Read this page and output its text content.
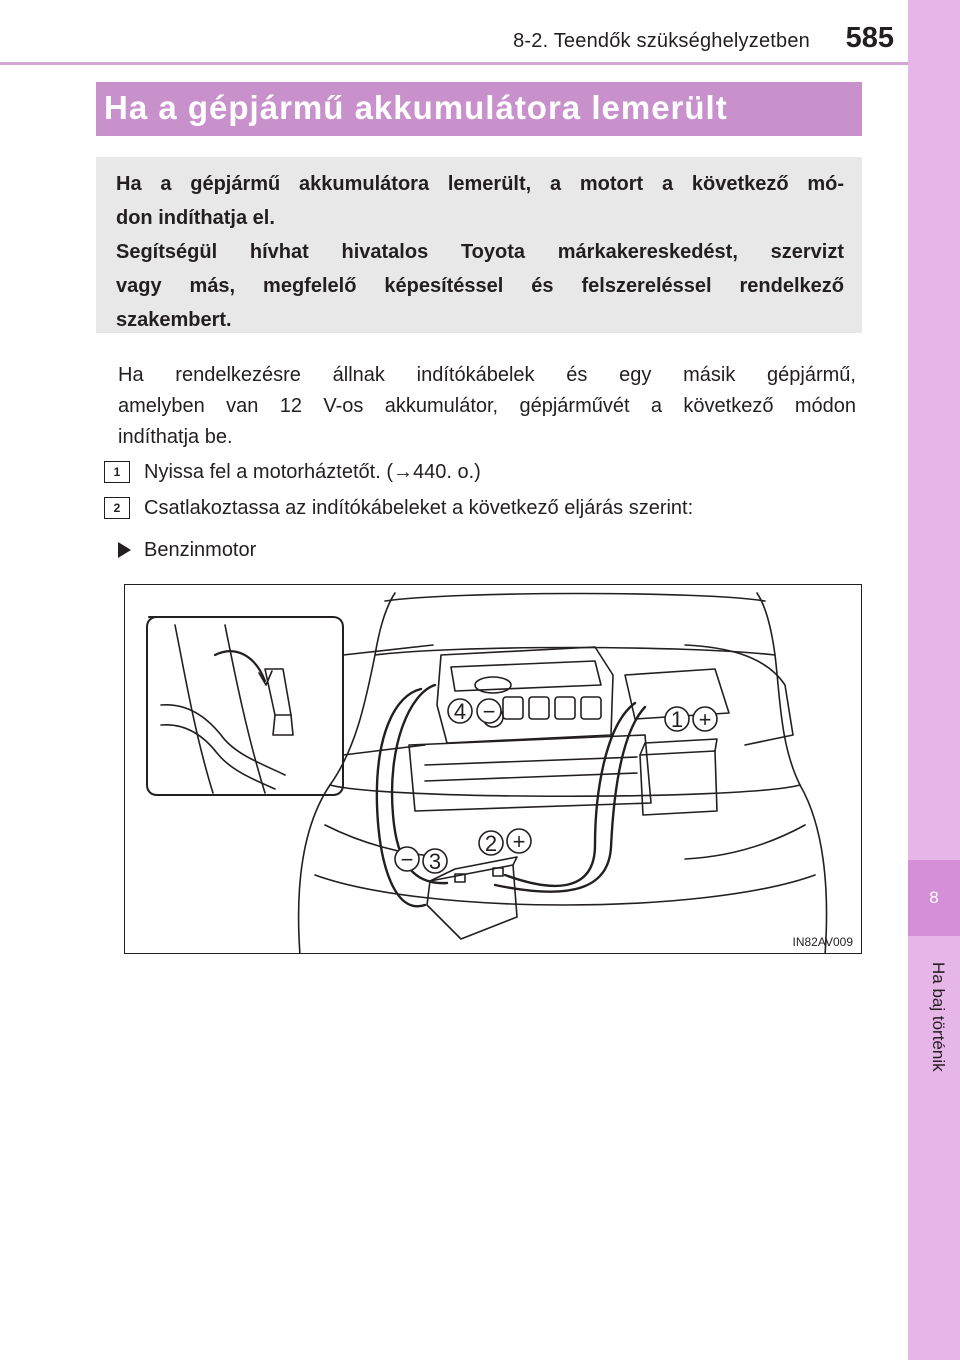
8-2. Teendők szükséghelyzetben	585
8
Ha baj történik
Ha a gépjármű akkumulátora lemerült
Ha a gépjármű akkumulátora lemerült, a motort a következő mó-
don indíthatja el.
Segítségül hívhat hivatalos Toyota márkakereskedést, szervizt
vagy más, megfelelő képesítéssel és felszereléssel rendelkező
szakembert.
Ha rendelkezésre állnak indítókábelek és egy másik gépjármű,
amelyben van 12 V-os akkumulátor, gépjárművét a következő módon
indíthatja be.
1	Nyissa fel a motorháztetőt. (→440. o.)
2	Csatlakoztassa az indítókábeleket a következő eljárás szerint:
Benzinmotor
4 −	1 +
2 +
− 3
IN82AV009
